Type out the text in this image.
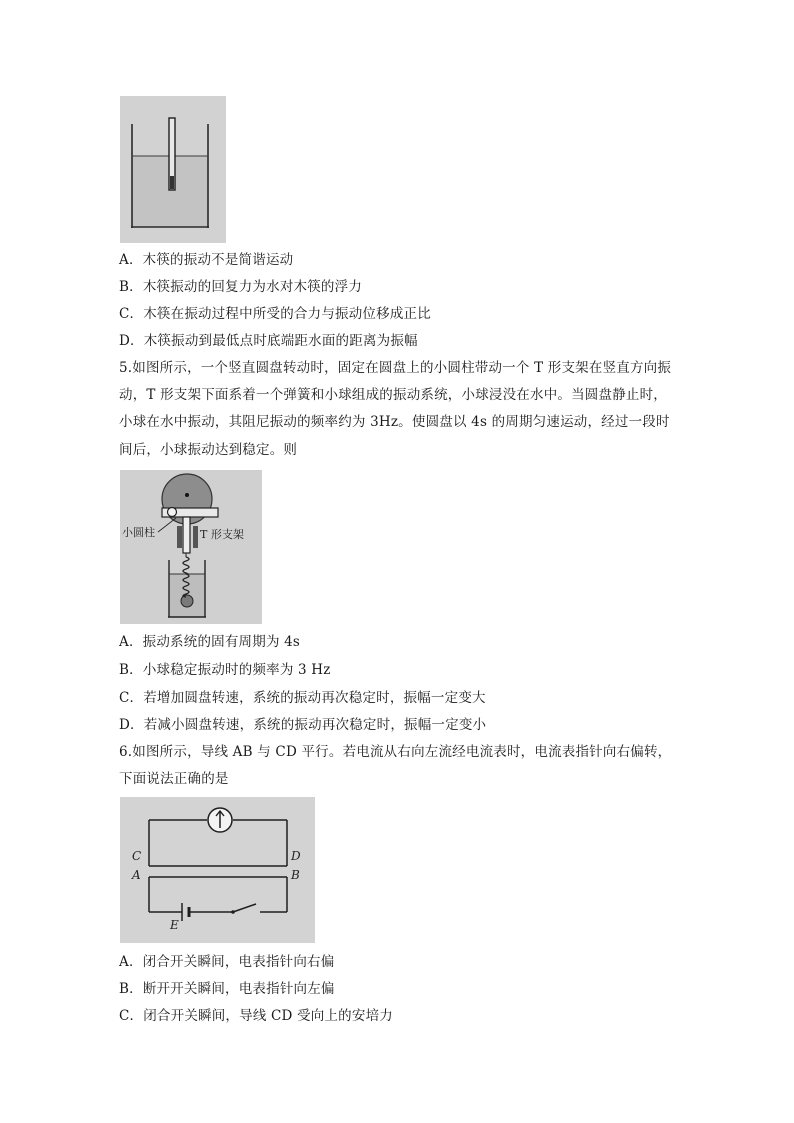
A．木筷的振动不是简谐运动
B．木筷振动的回复力为水对木筷的浮力
C．木筷在振动过程中所受的合力与振动位移成正比
D．木筷振动到最低点时底端距水面的距离为振幅
5.如图所示，一个竖直圆盘转动时，固定在圆盘上的小圆柱带动一个 T 形支架在竖直方向振
动，T 形支架下面系着一个弹簧和小球组成的振动系统，小球浸没在水中。当圆盘静止时，
小球在水中振动，其阻尼振动的频率约为 3Hz。使圆盘以 4s 的周期匀速运动，经过一段时
间后，小球振动达到稳定。则
小圆柱	T 形支架
A．振动系统的固有周期为 4s
B．小球稳定振动时的频率为 3 Hz
C．若增加圆盘转速，系统的振动再次稳定时，振幅一定变大
D．若减小圆盘转速，系统的振动再次稳定时，振幅一定变小
6.如图所示，导线 AB 与 CD 平行。若电流从右向左流经电流表时，电流表指针向右偏转，
下面说法正确的是
C	D
A	B
E
A．闭合开关瞬间，电表指针向右偏
B．断开开关瞬间，电表指针向左偏
C．闭合开关瞬间，导线 CD 受向上的安培力
